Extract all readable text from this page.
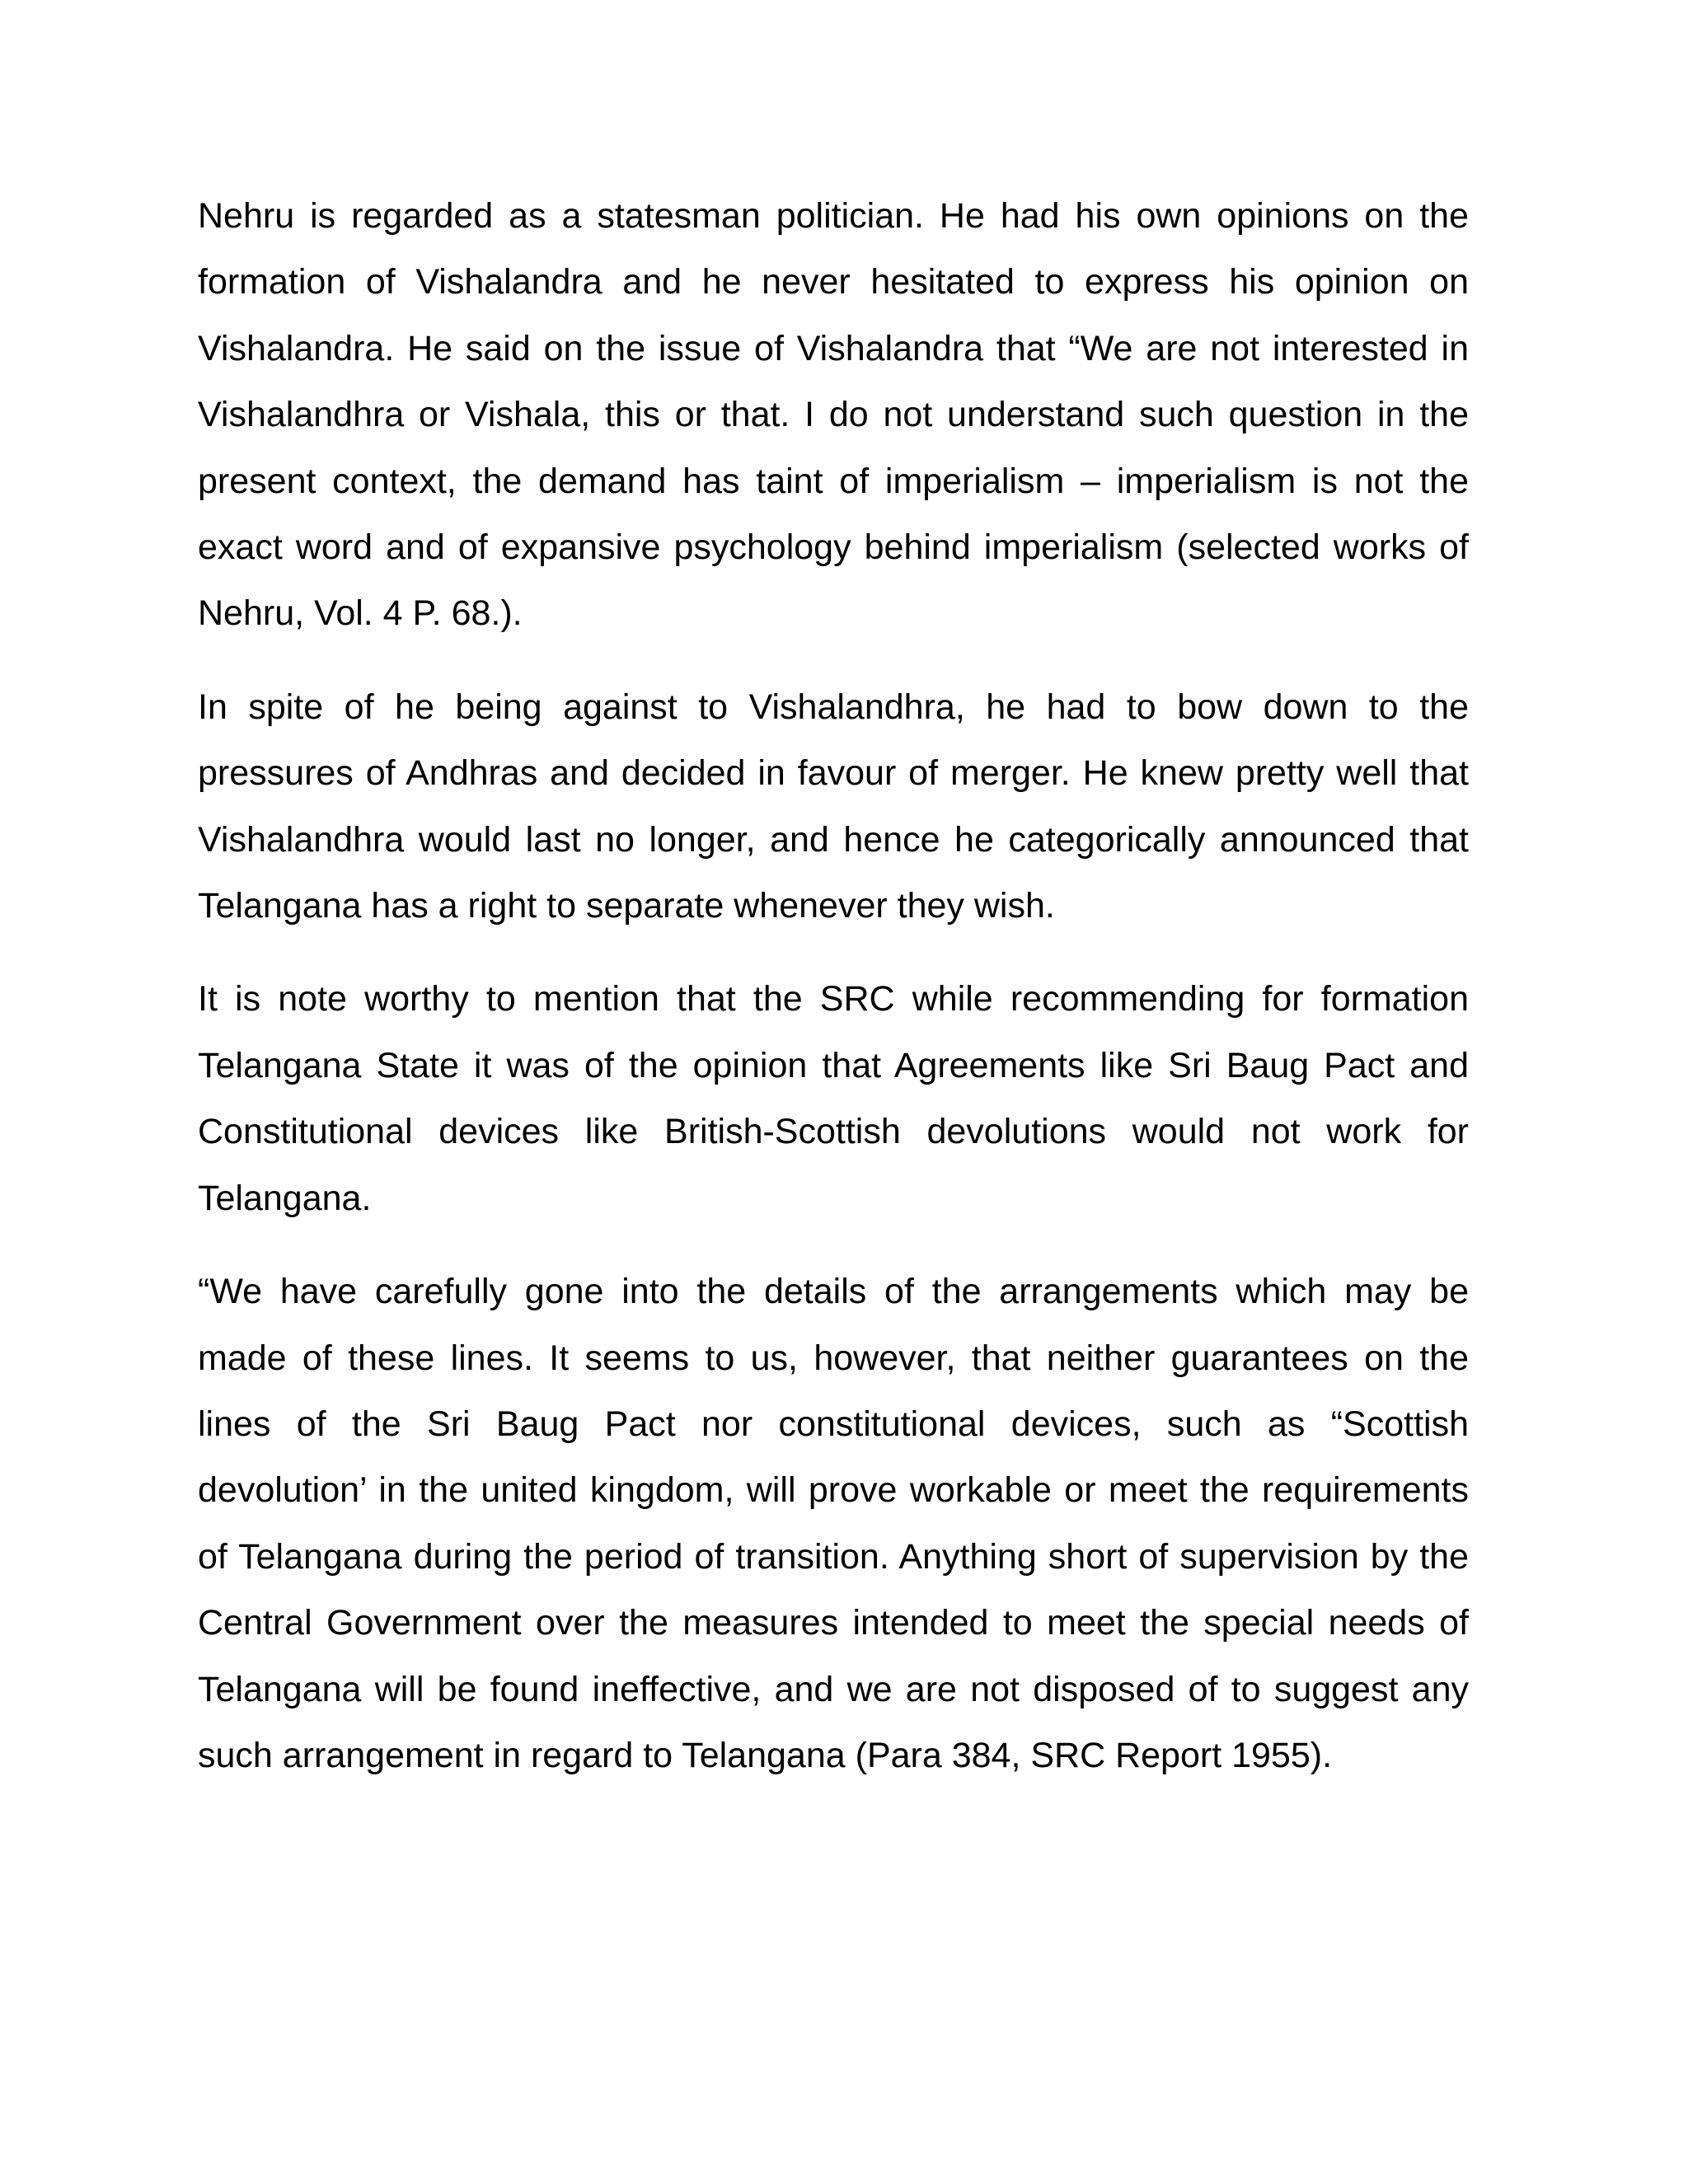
Nehru is regarded as a statesman politician. He had his own opinions on the formation of Vishalandra and he never hesitated to express his opinion on Vishalandra. He said on the issue of Vishalandra that “We are not interested in Vishalandhra or Vishala, this or that. I do not understand such question in the present context, the demand has taint of imperialism – imperialism is not the exact word and of expansive psychology behind imperialism (selected works of Nehru, Vol. 4 P. 68.).

In spite of he being against to Vishalandhra, he had to bow down to the pressures of Andhras and decided in favour of merger. He knew pretty well that Vishalandhra would last no longer, and hence he categorically announced that Telangana has a right to separate whenever they wish.

It is note worthy to mention that the SRC while recommending for formation Telangana State it was of the opinion that Agreements like Sri Baug Pact and Constitutional devices like British-Scottish devolutions would not work for Telangana.

“We have carefully gone into the details of the arrangements which may be made of these lines. It seems to us, however, that neither guarantees on the lines of the Sri Baug Pact nor constitutional devices, such as “Scottish devolution’ in the united kingdom, will prove workable or meet the requirements of Telangana during the period of transition. Anything short of supervision by the Central Government over the measures intended to meet the special needs of Telangana will be found ineffective, and we are not disposed of to suggest any such arrangement in regard to Telangana (Para 384, SRC Report 1955).
